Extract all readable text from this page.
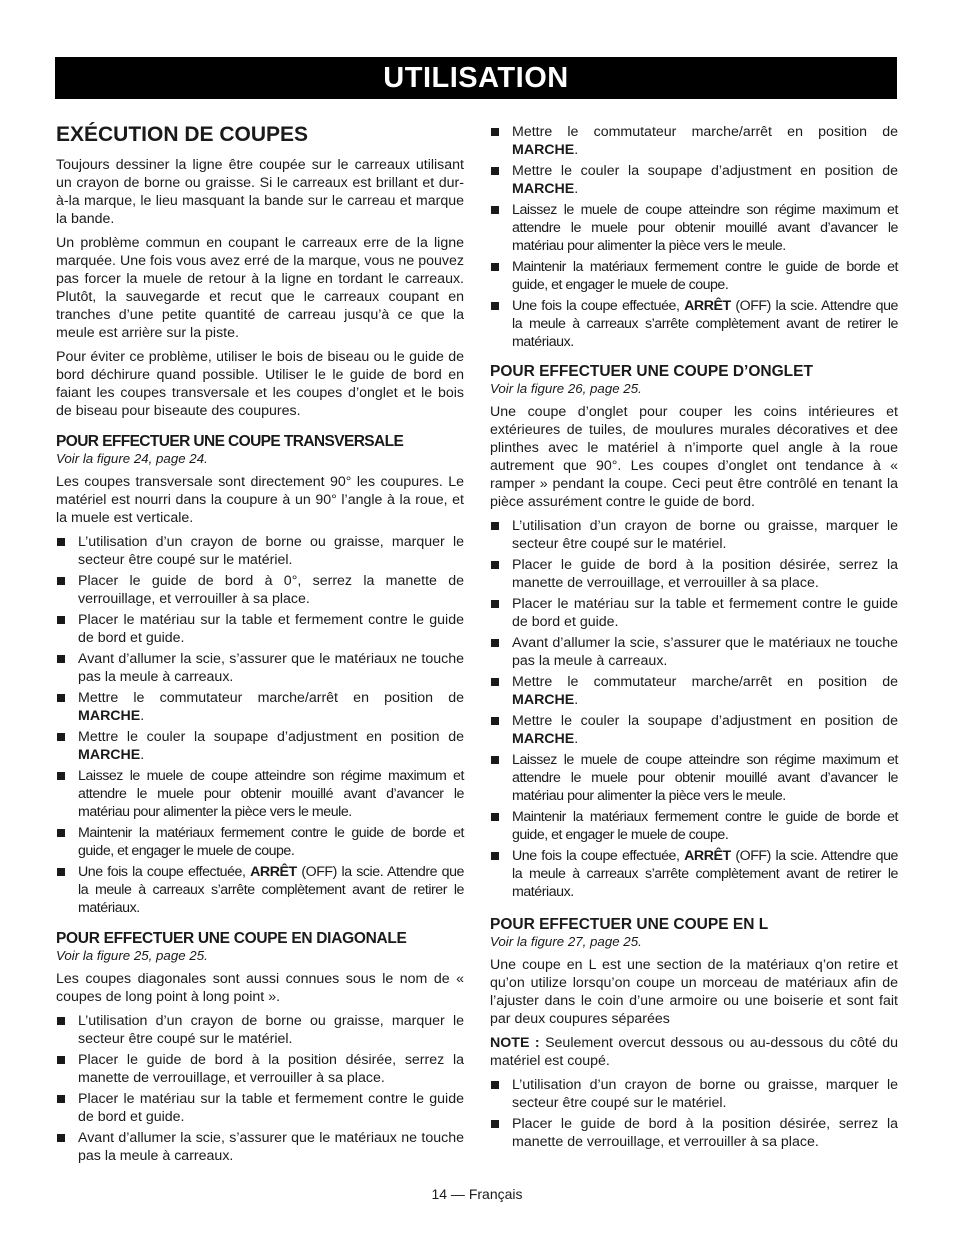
UTILISATION
EXÉCUTION DE COUPES

Toujours dessiner la ligne être coupée sur le carreaux utilisant un crayon de borne ou graisse. Si le carreaux est brillant et dur-à-la marque, le lieu masquant la bande sur le carreau et marque la bande.

Un problème commun en coupant le carreaux erre de la ligne marquée. Une fois vous avez erré de la marque, vous ne pouvez pas forcer la muele de retour à la ligne en tordant le carreaux. Plutôt, la sauvegarde et recut que le carreaux coupant en tranches d’une petite quantité de carreau jusqu’à ce que la meule est arrière sur la piste.

Pour éviter ce problème, utiliser le bois de biseau ou le guide de bord déchirure quand possible. Utiliser le le guide de bord en faiant les coupes transversale et les coupes d’onglet et le bois de biseau pour biseaute des coupures.

POUR EFFECTUER UNE COUPE TRANSVERSALE
Voir la figure 24, page 24.

Les coupes transversale sont directement 90° les coupures. Le matériel est nourri dans la coupure à un 90° l’angle à la roue, et la muele est verticale.

L’utilisation d’un crayon de borne ou graisse, marquer le secteur être coupé sur le matériel.
Placer le guide de bord à 0°, serrez la manette de verrouillage, et verrouiller à sa place.
Placer le matériau sur la table et fermement contre le guide de bord et guide.
Avant d’allumer la scie, s’assurer que le matériaux ne touche pas la meule à carreaux.
Mettre le commutateur marche/arrêt en position de MARCHE.
Mettre le couler la soupape d’adjustment en position de MARCHE.
Laissez le muele de coupe atteindre son régime maximum et attendre le muele pour obtenir mouillé avant d’avancer le matériau pour alimenter la pièce vers le meule.
Maintenir la matériaux fermement contre le guide de borde et guide, et engager le muele de coupe.
Une fois la coupe effectuée, ARRÊT (OFF) la scie. Attendre que la meule à carreaux s’arrête complètement avant de retirer le matériaux.
POUR EFFECTUER UNE COUPE EN DIAGONALE
Voir la figure 25, page 25.

Les coupes diagonales sont aussi connues sous le nom de « coupes de long point à long point ».

L’utilisation d’un crayon de borne ou graisse, marquer le secteur être coupé sur le matériel.
Placer le guide de bord à la position désirée, serrez la manette de verrouillage, et verrouiller à sa place.
Placer le matériau sur la table et fermement contre le guide de bord et guide.
Avant d’allumer la scie, s’assurer que le matériaux ne touche pas la meule à carreaux.
Mettre le commutateur marche/arrêt en position de MARCHE.
Mettre le couler la soupape d’adjustment en position de MARCHE.
Laissez le muele de coupe atteindre son régime maximum et attendre le muele pour obtenir mouillé avant d’avancer le matériau pour alimenter la pièce vers le meule.
Maintenir la matériaux fermement contre le guide de borde et guide, et engager le muele de coupe.
Une fois la coupe effectuée, ARRÊT (OFF) la scie. Attendre que la meule à carreaux s’arrête complètement avant de retirer le matériaux.
POUR EFFECTUER UNE COUPE D’ONGLET
Voir la figure 26, page 25.

Une coupe d’onglet pour couper les coins intérieures et extérieures de tuiles, de moulures murales décoratives et dee plinthes avec le matériel à n’importe quel angle à la roue autrement que 90°. Les coupes d’onglet ont tendance à « ramper » pendant la coupe. Ceci peut être contrôlé en tenant la pièce assurément contre le guide de bord.

L’utilisation d’un crayon de borne ou graisse, marquer le secteur être coupé sur le matériel.
Placer le guide de bord à la position désirée, serrez la manette de verrouillage, et verrouiller à sa place.
Placer le matériau sur la table et fermement contre le guide de bord et guide.
Avant d’allumer la scie, s’assurer que le matériaux ne touche pas la meule à carreaux.
Mettre le commutateur marche/arrêt en position de MARCHE.
Mettre le couler la soupape d’adjustment en position de MARCHE.
Laissez le muele de coupe atteindre son régime maximum et attendre le muele pour obtenir mouillé avant d’avancer le matériau pour alimenter la pièce vers le meule.
Maintenir la matériaux fermement contre le guide de borde et guide, et engager le muele de coupe.
Une fois la coupe effectuée, ARRÊT (OFF) la scie. Attendre que la meule à carreaux s’arrête complètement avant de retirer le matériaux.
POUR EFFECTUER UNE COUPE EN L
Voir la figure 27, page 25.

Une coupe en L est une section de la matériaux q’on retire et qu’on utilize lorsqu’on coupe un morceau de matériaux afin de l’ajuster dans le coin d’une armoire ou une boiserie et sont fait par deux coupures séparées

NOTE : Seulement overcut dessous ou au-dessous du côté du matériel est coupé.

L’utilisation d’un crayon de borne ou graisse, marquer le secteur être coupé sur le matériel.
Placer le guide de bord à la position désirée, serrez la manette de verrouillage, et verrouiller à sa place.
14 — Français
